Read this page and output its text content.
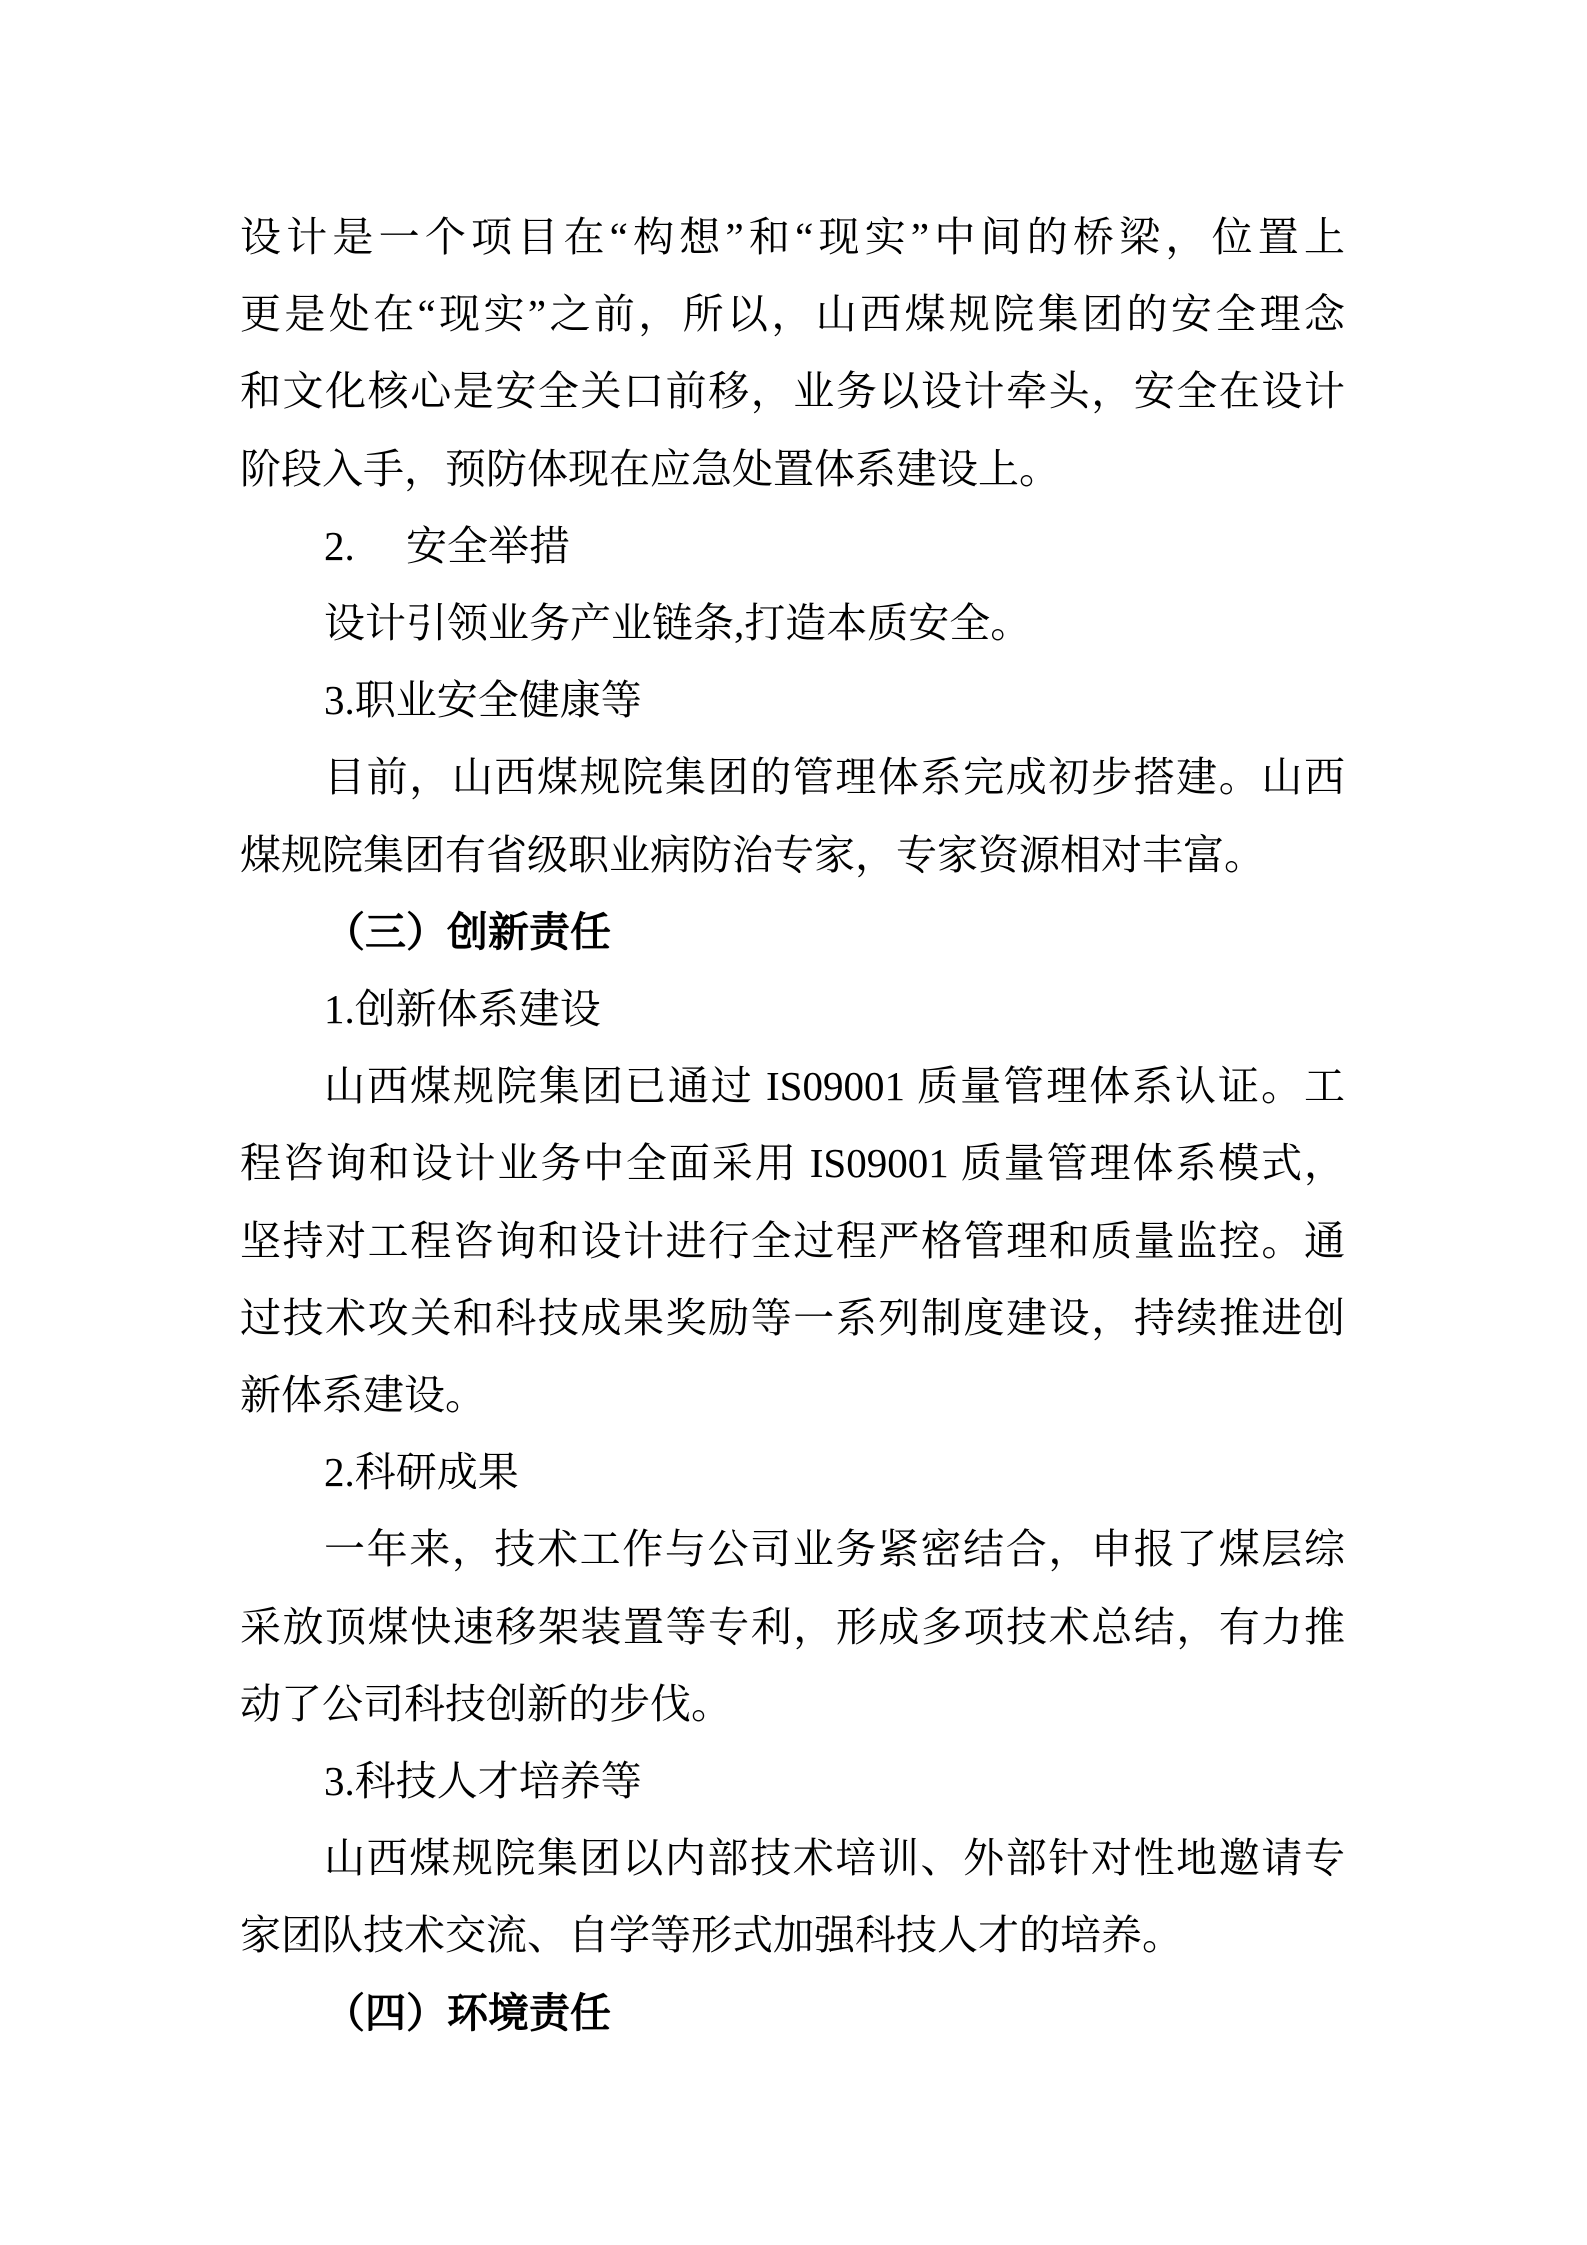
设计是一个项目在“构想”和“现实”中间的桥梁，位置上
更是处在“现实”之前，所以，山西煤规院集团的安全理念
和文化核心是安全关口前移，业务以设计牵头，安全在设计
阶段入手，预防体现在应急处置体系建设上。
2.　 安全举措
设计引领业务产业链条,打造本质安全。
3.职业安全健康等
目前，山西煤规院集团的管理体系完成初步搭建。山西
煤规院集团有省级职业病防治专家，专家资源相对丰富。
（三）创新责任
1.创新体系建设
山西煤规院集团已通过 IS09001 质量管理体系认证。工
程咨询和设计业务中全面采用 IS09001 质量管理体系模式，
坚持对工程咨询和设计进行全过程严格管理和质量监控。通
过技术攻关和科技成果奖励等一系列制度建设，持续推进创
新体系建设。
2.科研成果
一年来，技术工作与公司业务紧密结合，申报了煤层综
采放顶煤快速移架装置等专利，形成多项技术总结，有力推
动了公司科技创新的步伐。
3.科技人才培养等
山西煤规院集团以内部技术培训、外部针对性地邀请专
家团队技术交流、自学等形式加强科技人才的培养。
（四）环境责任
